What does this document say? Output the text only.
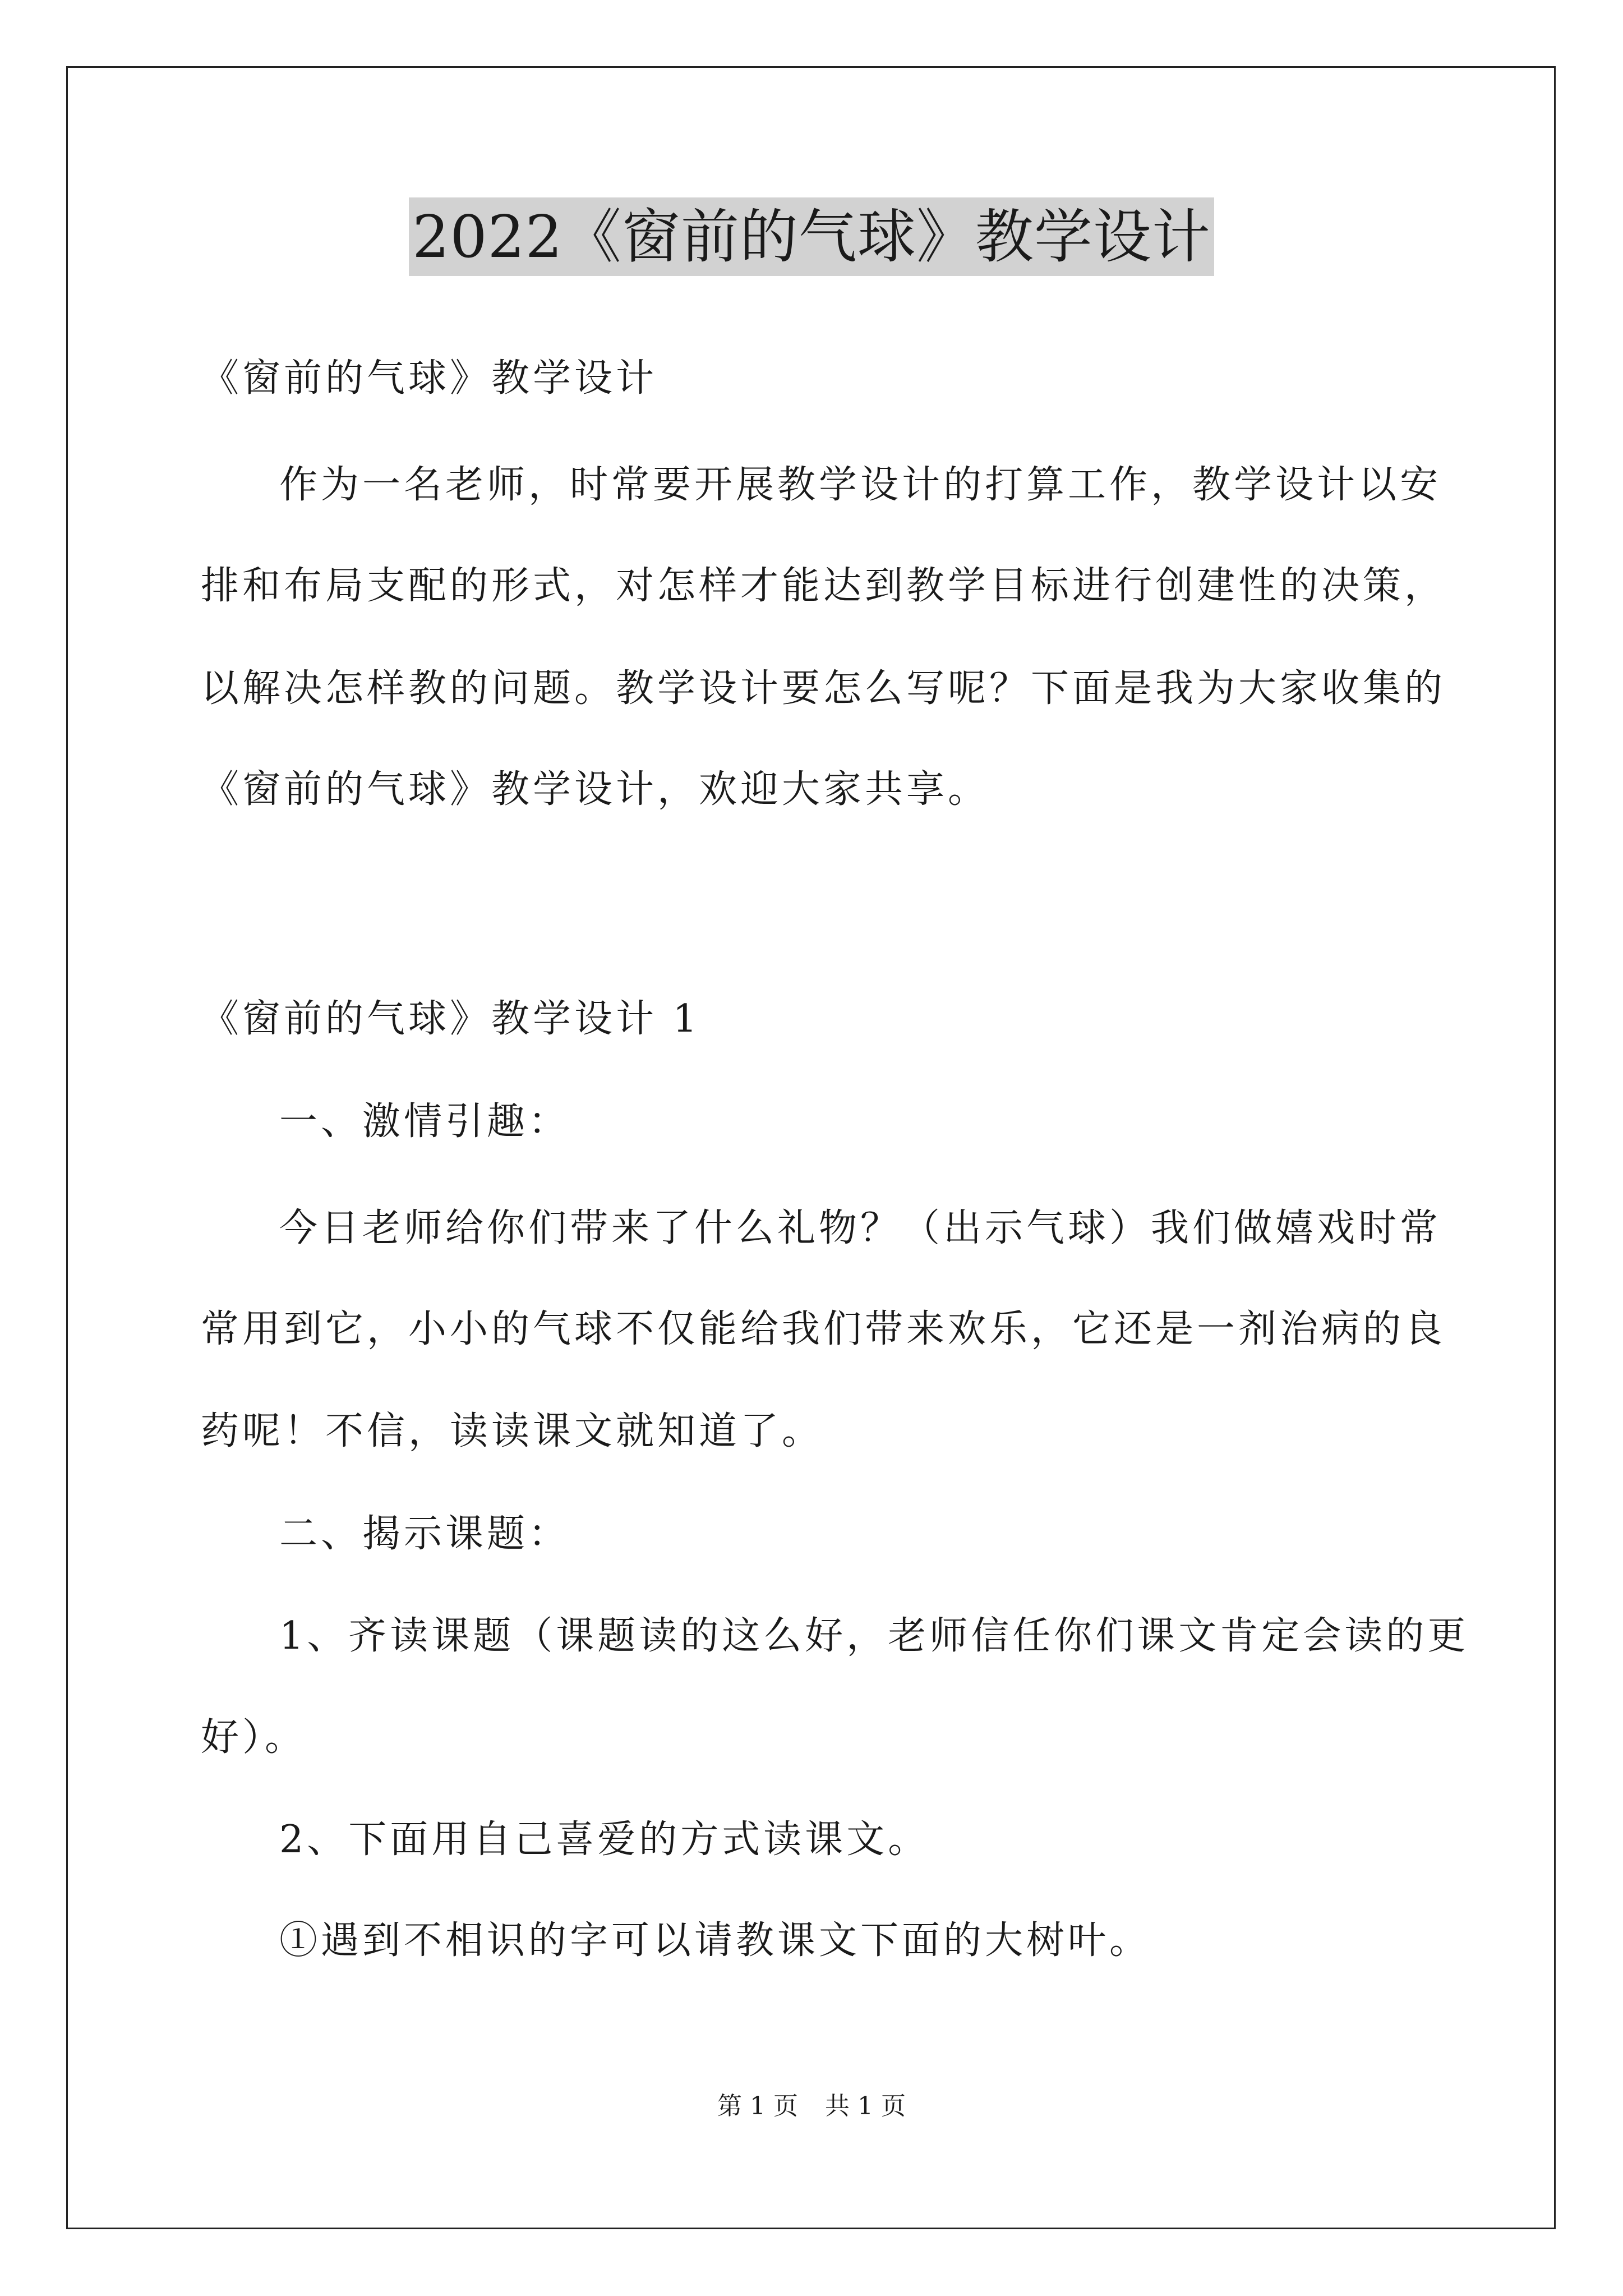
2022《窗前的气球》教学设计
《窗前的气球》教学设计
作为一名老师，时常要开展教学设计的打算工作，教学设计以安
排和布局支配的形式，对怎样才能达到教学目标进行创建性的决策，
以解决怎样教的问题。教学设计要怎么写呢？下面是我为大家收集的
《窗前的气球》教学设计，欢迎大家共享。
《窗前的气球》教学设计 1
一、激情引趣：
今日老师给你们带来了什么礼物？（出示气球）我们做嬉戏时常
常用到它，小小的气球不仅能给我们带来欢乐，它还是一剂治病的良
药呢！不信，读读课文就知道了。
二、揭示课题：
1、齐读课题（课题读的这么好，老师信任你们课文肯定会读的更
好）。
2、下面用自己喜爱的方式读课文。
①遇到不相识的字可以请教课文下面的大树叶。
第 1 页 共 1 页
